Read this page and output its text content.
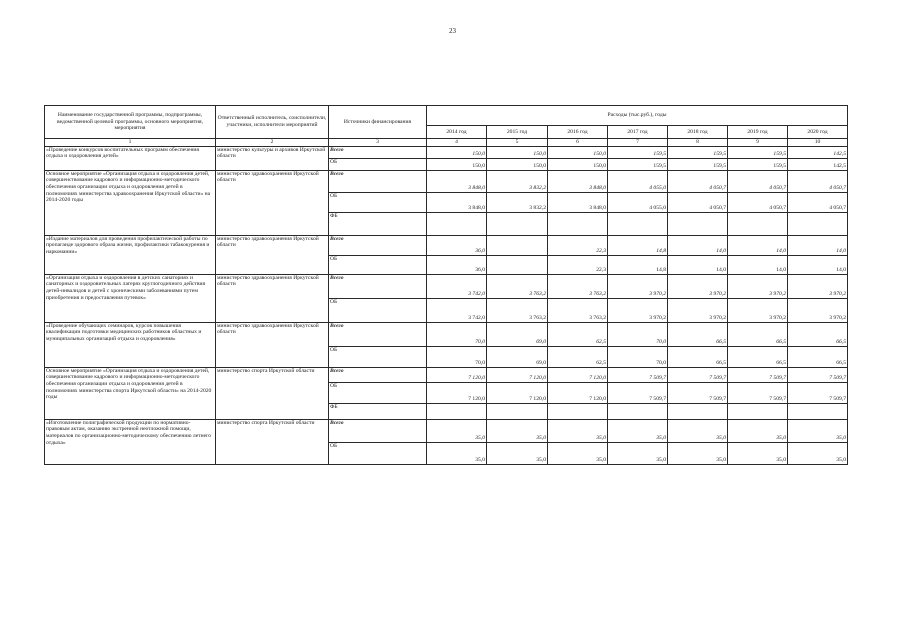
23
Наименование государственной программы, подпрограммы, ведомственной целевой программы, основного мероприятия, мероприятия	Ответственный исполнитель, соисполнители, участники, исполнители мероприятий	Источники финансирования	Расходы (тыс.руб.), годы						
			2014 год	2015 год	2016 год	2017 год	2018 год	2019 год	2020 год
1	2	3	4	5	6	7	8	9	10
«Проведение конкурсов воспитательных программ обеспечения отдыха и оздоровления детей»	министерство культуры и архивов Иркутской области	Всего	150,0	150,0	150,0	159,5	159,5	159,5	142,5
		ОБ	150,0	150,0	150,0	159,5	159,5	159,5	142,5
Основное мероприятие «Организация отдыха и оздоровления детей, совершенствование кадрового и информационно-методического обеспечения организации отдыха и оздоровления детей в полномочиях министерства здравоохранения Иркутской области» на 2014-2020 годы	министерство здравоохранения Иркутской области	Всего	3 848,0	3 832,2	3 848,0	4 055,0	4 050,7	4 050,7	4 050,7
		ОБ	3 848,0	3 832,2	3 848,0	4 055,0	4 050,7	4 050,7	4 050,7
		ФБ							
«Издание материалов для проведения профилактической работы по пропаганде здорового образа жизни, профилактики табакокурения и наркомании»	министерство здравоохранения Иркутской области	Всего	36,0		22,3	14,8	14,0	14,0	14,0
		ОБ	36,0		22,3	14,8	14,0	14,0	14,0
«Организация отдыха и оздоровления в детских санаториях и санаторных и оздоровительных лагерях круглогодичного действия детей-инвалидов и детей с хроническими заболеваниями путем приобретения и предоставления путевок»	министерство здравоохранения Иркутской области	Всего	3 742,0	3 763,2	3 763,2	3 970,2	3 970,2	3 970,2	3 970,2
		ОБ	3 742,0	3 763,2	3 763,2	3 970,2	3 970,2	3 970,2	3 970,2
«Проведение обучающих семинаров, курсов повышения квалификации подготовки медицинских работников областных и муниципальных организаций отдыха и оздоровления»	министерство здравоохранения Иркутской области	Всего	70,0	69,0	62,5	70,0	66,5	66,5	66,5
		ОБ	70,0	69,0	62,5	70,0	66,5	66,5	66,5
Основное мероприятие «Организация отдыха и оздоровления детей, совершенствование кадрового и информационно-методического обеспечения организации отдыха и оздоровления детей в полномочиях министерства спорта Иркутской области» на 2014-2020 годы	министерство спорта Иркутской области	Всего	7 120,0	7 120,0	7 120,0	7 509,7	7 509,7	7 509,7	7 509,7
		ОБ	7 120,0	7 120,0	7 120,0	7 509,7	7 509,7	7 509,7	7 509,7
		ФБ							
«Изготовление полиграфической продукции по нормативно-правовым актам, оказанию экстренной неотложной помощи, материалов по организационно-методическому обеспечению летнего отдыха»	министерство спорта Иркутской области	Всего	35,0	35,0	35,0	35,0	35,0	35,0	35,0
		ОБ	35,0	35,0	35,0	35,0	35,0	35,0	35,0
